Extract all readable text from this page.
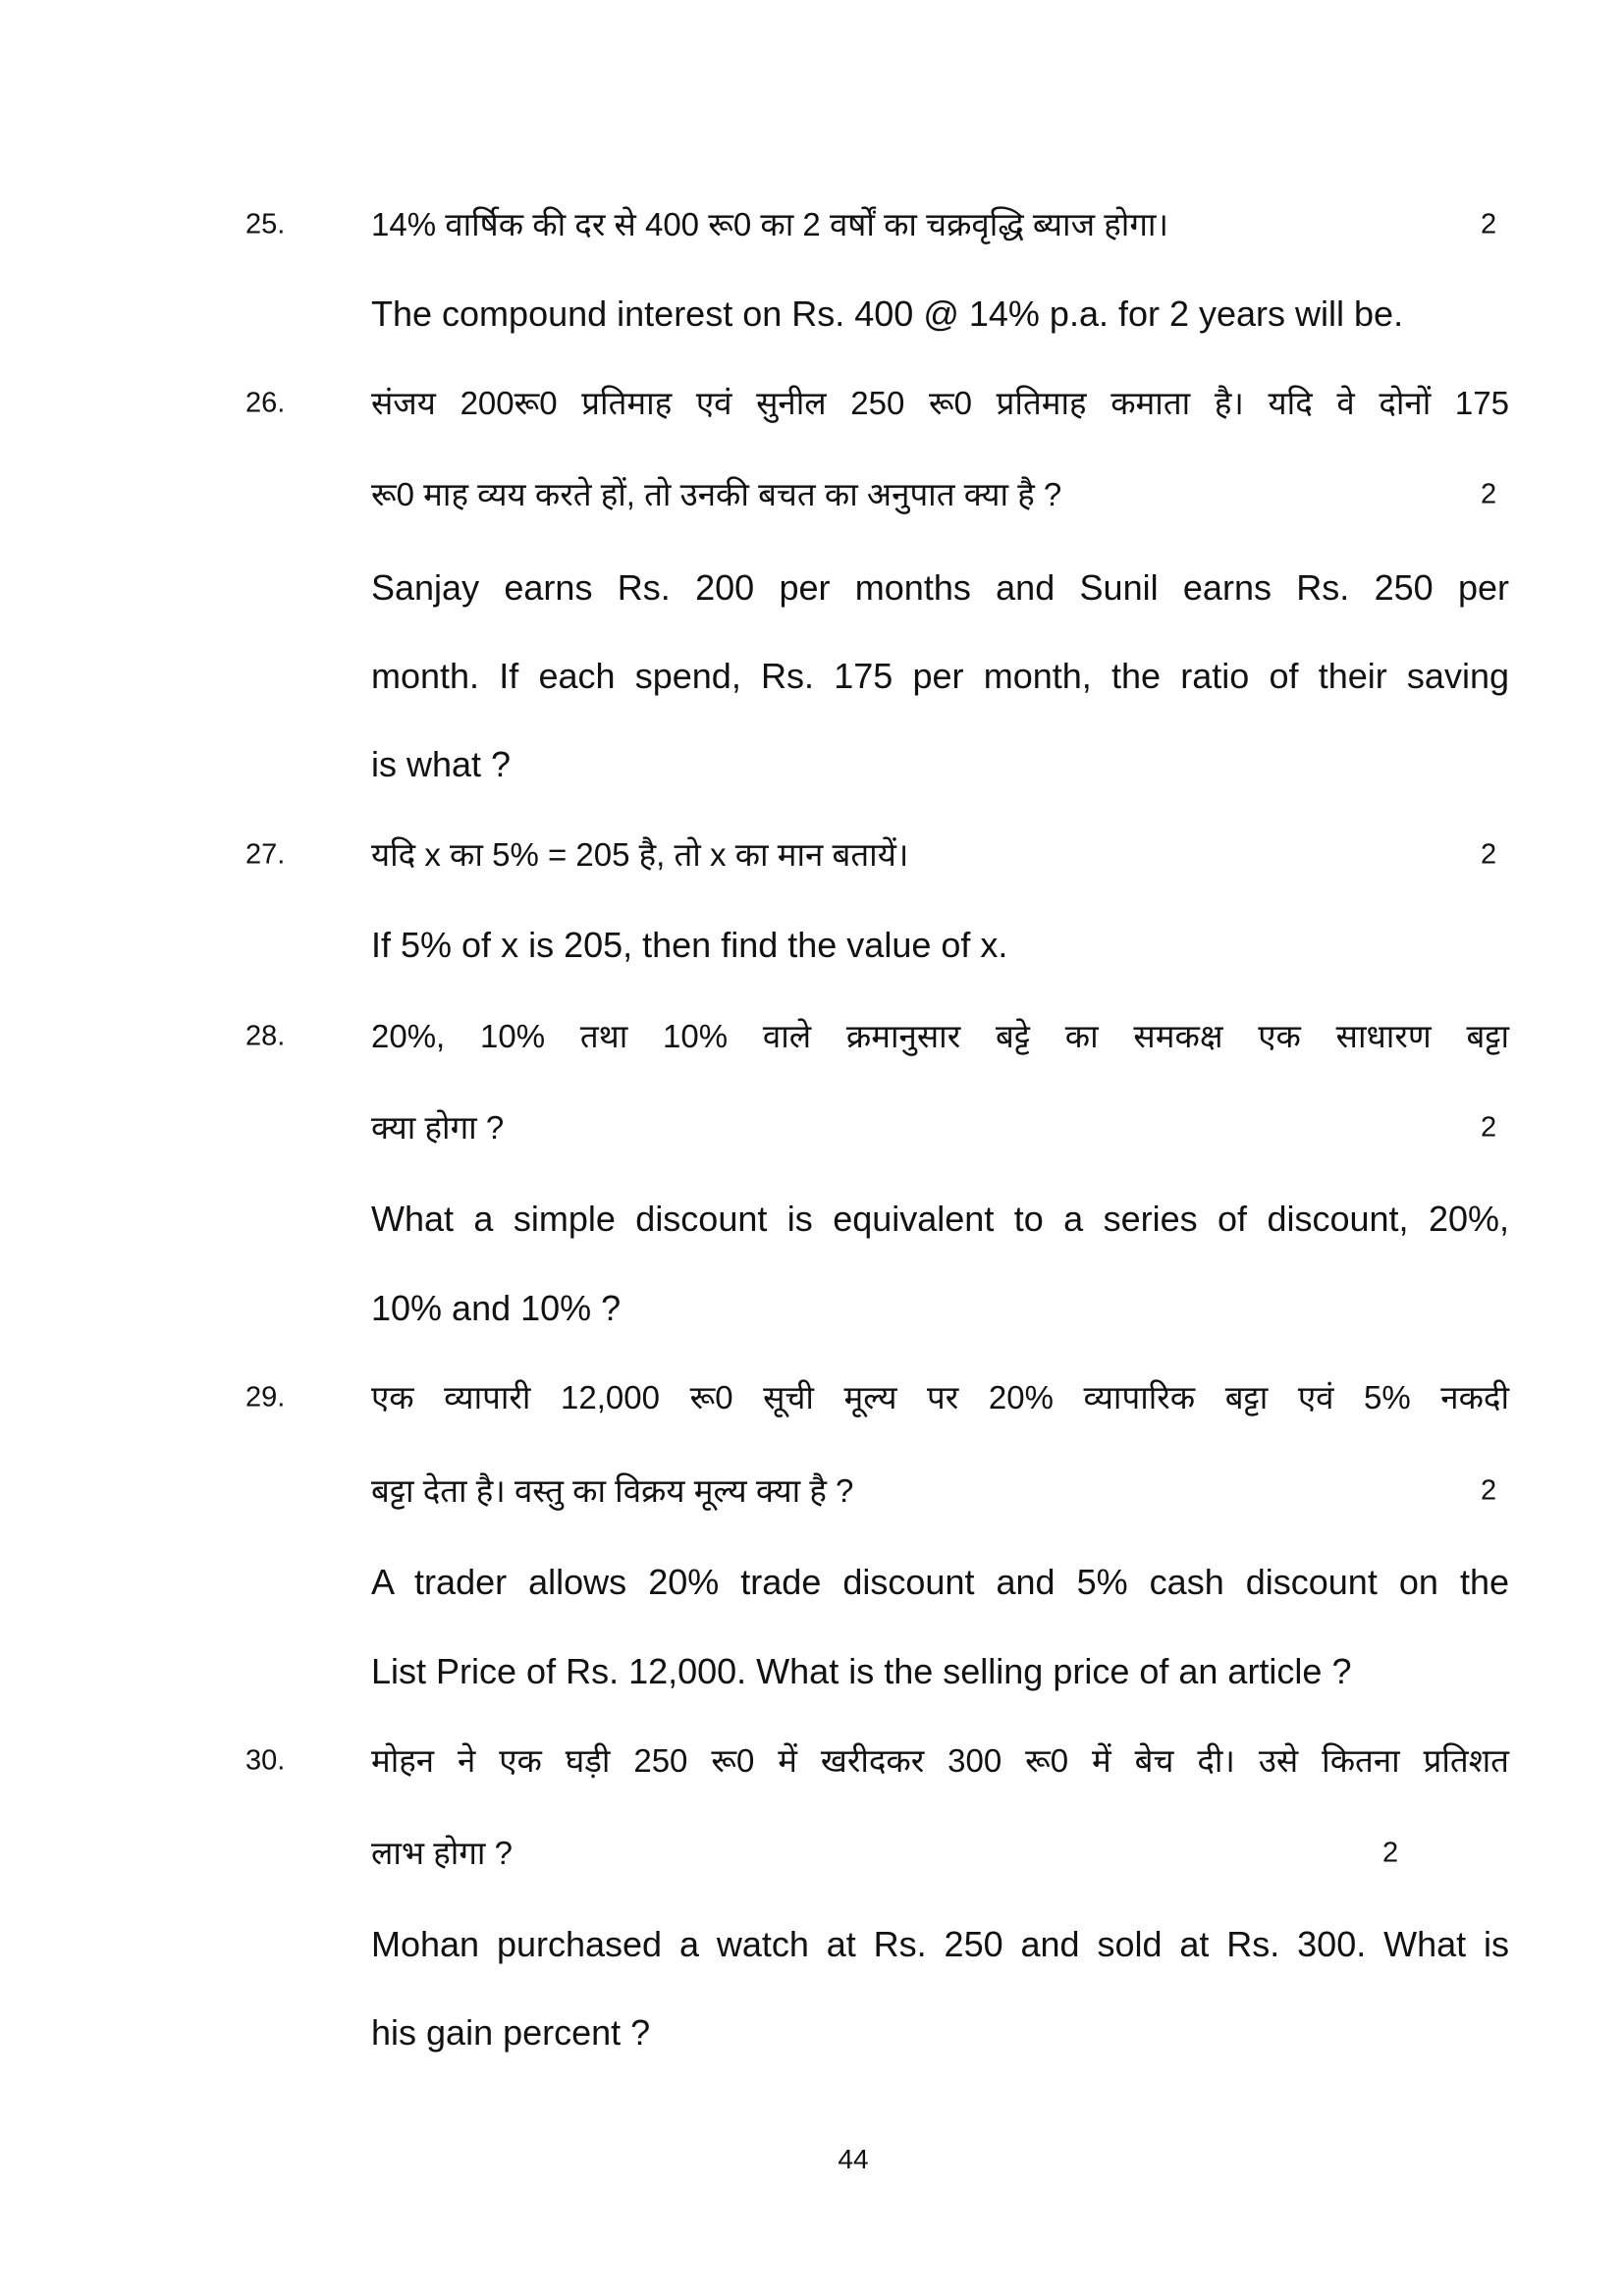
25.	14% वार्षिक की दर से 400 रू0 का 2 वर्षों का चक्रवृद्धि ब्याज होगा।	2
The compound interest on Rs. 400 @ 14% p.a. for 2 years will be.
26.	संजय 200रू0 प्रतिमाह एवं सुनील 250 रू0 प्रतिमाह कमाता है। यदि वे दोनों 175
रू0 माह व्यय करते हों, तो उनकी बचत का अनुपात क्या है ?	2
Sanjay earns Rs. 200 per months and Sunil earns Rs. 250 per
month. If each spend, Rs. 175 per month, the ratio of their saving
is what ?
27.	यदि x का 5% = 205 है, तो x का मान बतायें।	2
If 5% of x is 205, then find the value of x.
28.	20%, 10% तथा 10% वाले क्रमानुसार बट्टे का समकक्ष एक साधारण बट्टा
क्या होगा ?	2
What a simple discount is equivalent to a series of discount, 20%,
10% and 10% ?
29.	एक व्यापारी 12,000 रू0 सूची मूल्य पर 20% व्यापारिक बट्टा एवं 5% नकदी
बट्टा देता है। वस्तु का विक्रय मूल्य क्या है ?	2
A trader allows 20% trade discount and 5% cash discount on the
List Price of Rs. 12,000. What is the selling price of an article ?
30.	मोहन ने एक घड़ी 250 रू0 में खरीदकर 300 रू0 में बेच दी। उसे कितना प्रतिशत
लाभ होगा ?	2
Mohan purchased a watch at Rs. 250 and sold at Rs. 300. What is
his gain percent ?
44
